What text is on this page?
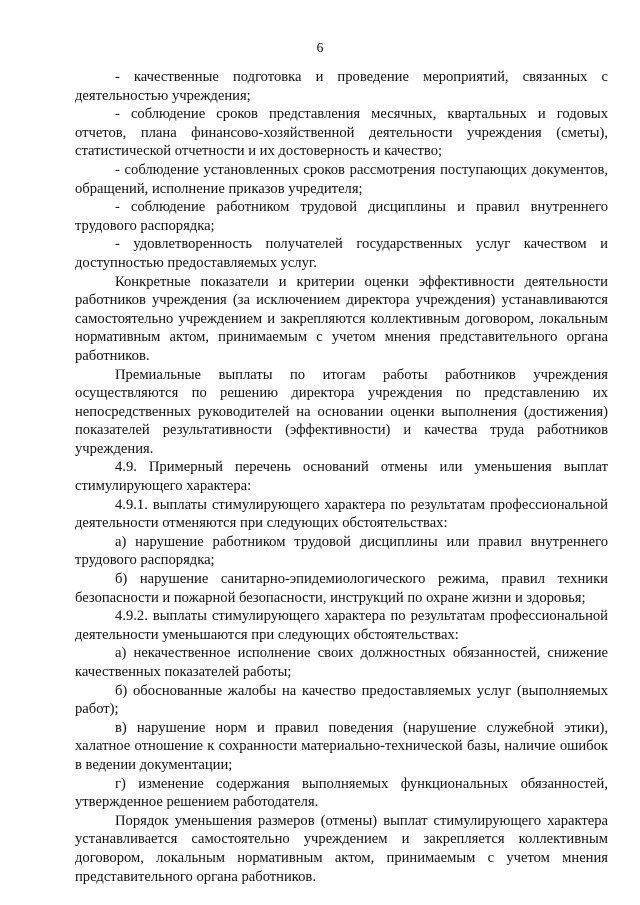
6

- качественные подготовка и проведение мероприятий, связанных с деятельностью учреждения;

- соблюдение сроков представления месячных, квартальных и годовых отчетов, плана финансово-хозяйственной деятельности учреждения (сметы), статистической отчетности и их достоверность и качество;

- соблюдение установленных сроков рассмотрения поступающих документов, обращений, исполнение приказов учредителя;

- соблюдение работником трудовой дисциплины и правил внутреннего трудового распорядка;

- удовлетворенность получателей государственных услуг качеством и доступностью предоставляемых услуг.

Конкретные показатели и критерии оценки эффективности деятельности работников учреждения (за исключением директора учреждения) устанавливаются самостоятельно учреждением и закрепляются коллективным договором, локальным нормативным актом, принимаемым с учетом мнения представительного органа работников.

Премиальные выплаты по итогам работы работников учреждения осуществляются по решению директора учреждения по представлению их непосредственных руководителей на основании оценки выполнения (достижения) показателей результативности (эффективности) и качества труда работников учреждения.

4.9. Примерный перечень оснований отмены или уменьшения выплат стимулирующего характера:

4.9.1. выплаты стимулирующего характера по результатам профессиональной деятельности отменяются при следующих обстоятельствах:

а) нарушение работником трудовой дисциплины или правил внутреннего трудового распорядка;

б) нарушение санитарно-эпидемиологического режима, правил техники безопасности и пожарной безопасности, инструкций по охране жизни и здоровья;

4.9.2. выплаты стимулирующего характера по результатам профессиональной деятельности уменьшаются при следующих обстоятельствах:

а) некачественное исполнение своих должностных обязанностей, снижение качественных показателей работы;

б) обоснованные жалобы на качество предоставляемых услуг (выполняемых работ);

в) нарушение норм и правил поведения (нарушение служебной этики), халатное отношение к сохранности материально-технической базы, наличие ошибок в ведении документации;

г) изменение содержания выполняемых функциональных обязанностей, утвержденное решением работодателя.

Порядок уменьшения размеров (отмены) выплат стимулирующего характера устанавливается самостоятельно учреждением и закрепляется коллективным договором, локальным нормативным актом, принимаемым с учетом мнения представительного органа работников.
